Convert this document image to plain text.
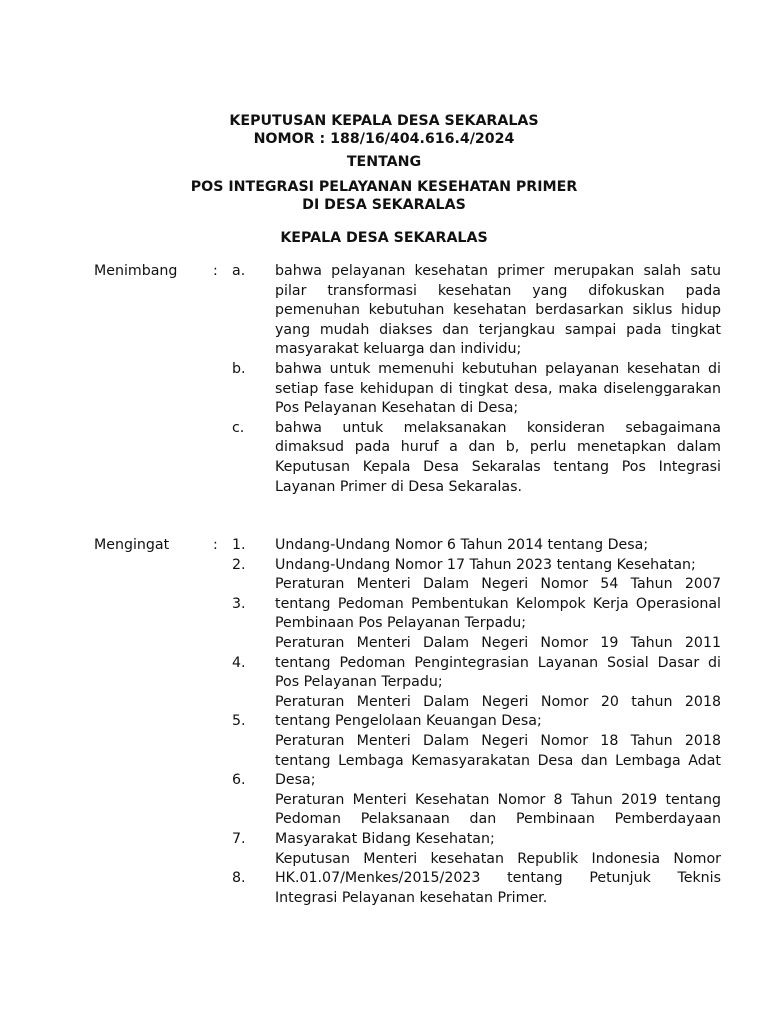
KEPUTUSAN KEPALA DESA SEKARALAS
NOMOR : 188/16/404.616.4/2024
TENTANG
POS INTEGRASI PELAYANAN KESEHATAN PRIMER
DI DESA SEKARALAS
KEPALA DESA SEKARALAS
Menimbang	: a. bahwa pelayanan kesehatan primer merupakan salah satu pilar transformasi kesehatan yang difokuskan pada pemenuhan kebutuhan kesehatan berdasarkan siklus hidup yang mudah diakses dan terjangkau sampai pada tingkat masyarakat keluarga dan individu;
b. bahwa untuk memenuhi kebutuhan pelayanan kesehatan di setiap fase kehidupan di tingkat desa, maka diselenggarakan Pos Pelayanan Kesehatan di Desa;
c. bahwa untuk melaksanakan konsideran sebagaimana dimaksud pada huruf a dan b, perlu menetapkan dalam Keputusan Kepala Desa Sekaralas tentang Pos Integrasi Layanan Primer di Desa Sekaralas.
Mengingat	: 1.
2.
3.
4.
5.
6.
7.
8.
Undang-Undang Nomor 6 Tahun 2014 tentang Desa;
Undang-Undang Nomor 17 Tahun 2023 tentang Kesehatan;
Peraturan Menteri Dalam Negeri Nomor 54 Tahun 2007 tentang Pedoman Pembentukan Kelompok Kerja Operasional Pembinaan Pos Pelayanan Terpadu;
Peraturan Menteri Dalam Negeri Nomor 19 Tahun 2011 tentang Pedoman Pengintegrasian Layanan Sosial Dasar di Pos Pelayanan Terpadu;
Peraturan Menteri Dalam Negeri Nomor 20 tahun 2018 tentang Pengelolaan Keuangan Desa;
Peraturan Menteri Dalam Negeri Nomor 18 Tahun 2018 tentang Lembaga Kemasyarakatan Desa dan Lembaga Adat Desa;
Peraturan Menteri Kesehatan Nomor 8 Tahun 2019 tentang Pedoman Pelaksanaan dan Pembinaan Pemberdayaan Masyarakat Bidang Kesehatan;
Keputusan Menteri kesehatan Republik Indonesia Nomor HK.01.07/Menkes/2015/2023 tentang Petunjuk Teknis Integrasi Pelayanan kesehatan Primer.
